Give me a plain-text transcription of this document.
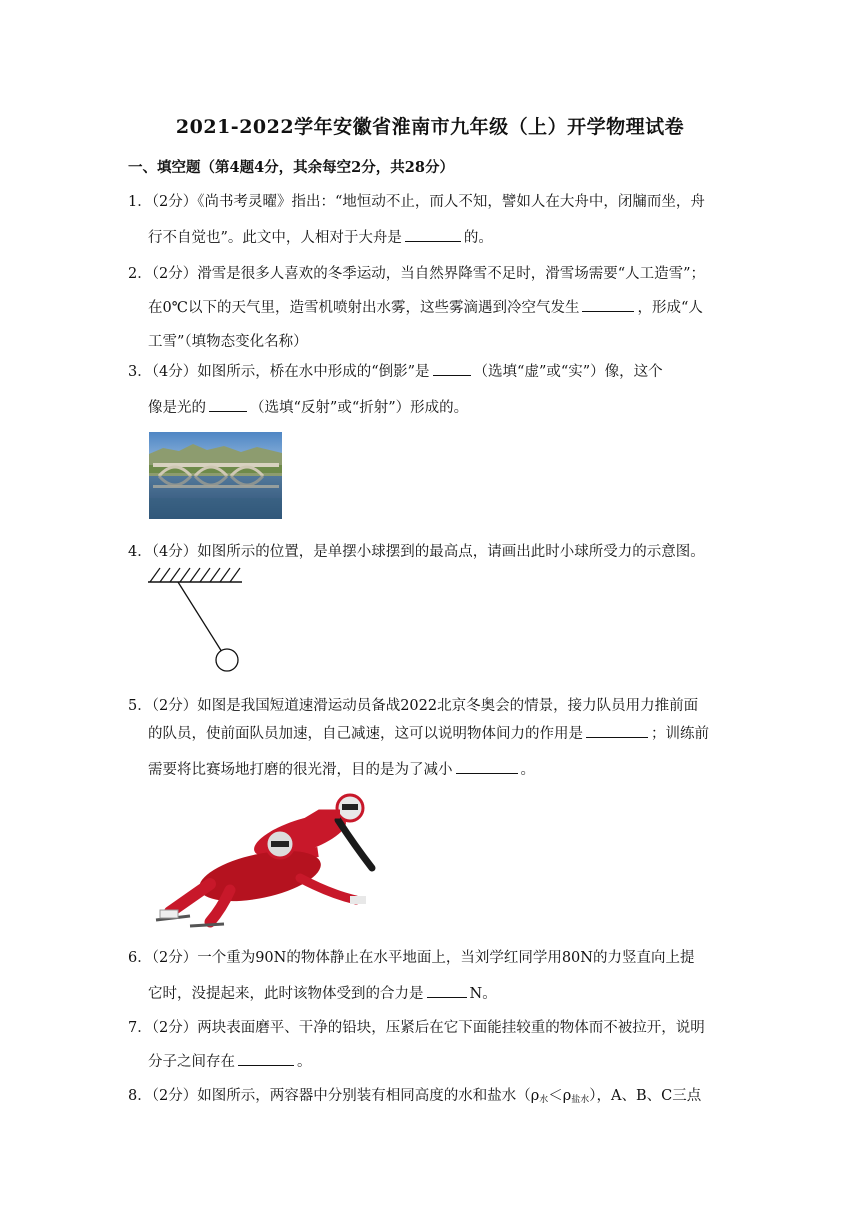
2021-2022学年安徽省淮南市九年级（上）开学物理试卷
一、填空题（第4题4分，其余每空2分，共28分）
1．（2分）《尚书考灵曜》指出：“地恒动不止，而人不知，譬如人在大舟中，闭牖而坐，舟
行不自觉也”。此文中，人相对于大舟是	的。
2．（2分）滑雪是很多人喜欢的冬季运动，当自然界降雪不足时，滑雪场需要“人工造雪”；
在0℃以下的天气里，造雪机喷射出水雾，这些雾滴遇到冷空气发生	，形成“人
工雪”（填物态变化名称）
3．（4分）如图所示，桥在水中形成的“倒影”是	（选填“虚”或“实”）像，这个
像是光的	（选填“反射”或“折射”）形成的。
4．（4分）如图所示的位置，是单摆小球摆到的最高点，请画出此时小球所受力的示意图。
5．（2分）如图是我国短道速滑运动员备战2022北京冬奥会的情景，接力队员用力推前面
的队员，使前面队员加速，自己减速，这可以说明物体间力的作用是	；训练前
需要将比赛场地打磨的很光滑，目的是为了减小	。
6．（2分）一个重为90N的物体静止在水平地面上，当刘学红同学用80N的力竖直向上提
它时，没提起来，此时该物体受到的合力是	N。
7．（2分）两块表面磨平、干净的铅块，压紧后在它下面能挂较重的物体而不被拉开，说明
分子之间存在	。
8．（2分）如图所示，两容器中分别装有相同高度的水和盐水$(\rho_水<\rho_{盐水})$，A、B、C三点
